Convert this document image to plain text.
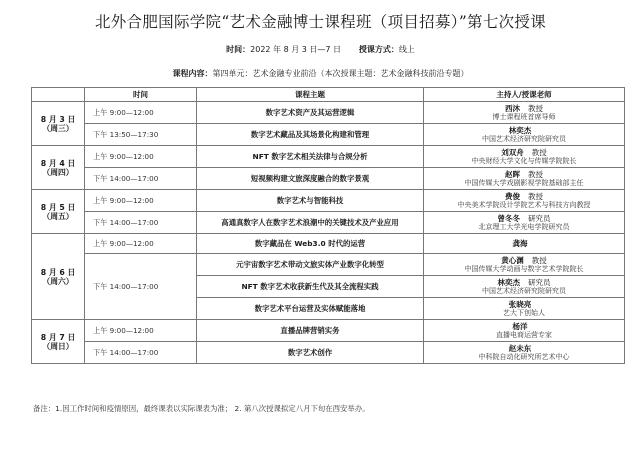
北外合肥国际学院“艺术金融博士课程班（项目招募）”第七次授课
时间：2022 年 8 月 3 日—7 日 授课方式：线上
课程内容：第四单元：艺术金融专业前沿（本次授课主题：艺术金融科技前沿专题）
	时间	课程主题	主持人/授课老师

8 月 3 日
（周三）	上午 9:00—12:00	数字艺术资产及其运营逻辑	西沐 教授
博士课程班首席导师

	下午 13:50—17:30	数字艺术藏品及其场景化构建和管理	林奕杰
中国艺术经济研究院研究员

8 月 4 日
（周四）	上午 9:00—12:00	NFT 数字艺术相关法律与合规分析	刘双舟 教授
中央财经大学文化与传媒学院院长

	下午 14:00—17:00	短视频构建文旅深度融合的数字景观	赵晖 教授
中国传媒大学戏剧影视学院基础部主任

8 月 5 日
（周五）	上午 9:00—12:00	数字艺术与智能科技	费俊 教授
中央美术学院设计学院艺术与科技方向教授

	下午 14:00—17:00	高通真数字人在数字艺术浪潮中的关键技术及产业应用	曾冬冬 研究员
北京理工大学光电学院研究员

8 月 6 日
（周六）	上午 9:00—12:00	数字藏品在 Web3.0 时代的运营	龚海

	下午 14:00—17:00	元宇宙数字艺术带动文旅实体产业数字化转型	黄心渊 教授
中国传媒大学动画与数字艺术学院院长

		NFT 数字艺术收获新生代及其全流程实践	林奕杰 研究员
中国艺术经济研究院研究员

		数字艺术平台运营及实体赋能落地	张晓亮
艺大下创始人

8 月 7 日
（周日）	上午 9:00—12:00	直播品牌营销实务	杨洋
直播电商运营专家

	下午 14:00—17:00	数字艺术创作	赵未东
中科院自动化研究所艺术中心
备注：1.因工作时间和疫情原因，最终课表以实际课表为准； 2. 第八次授课拟定八月下旬在西安举办。
